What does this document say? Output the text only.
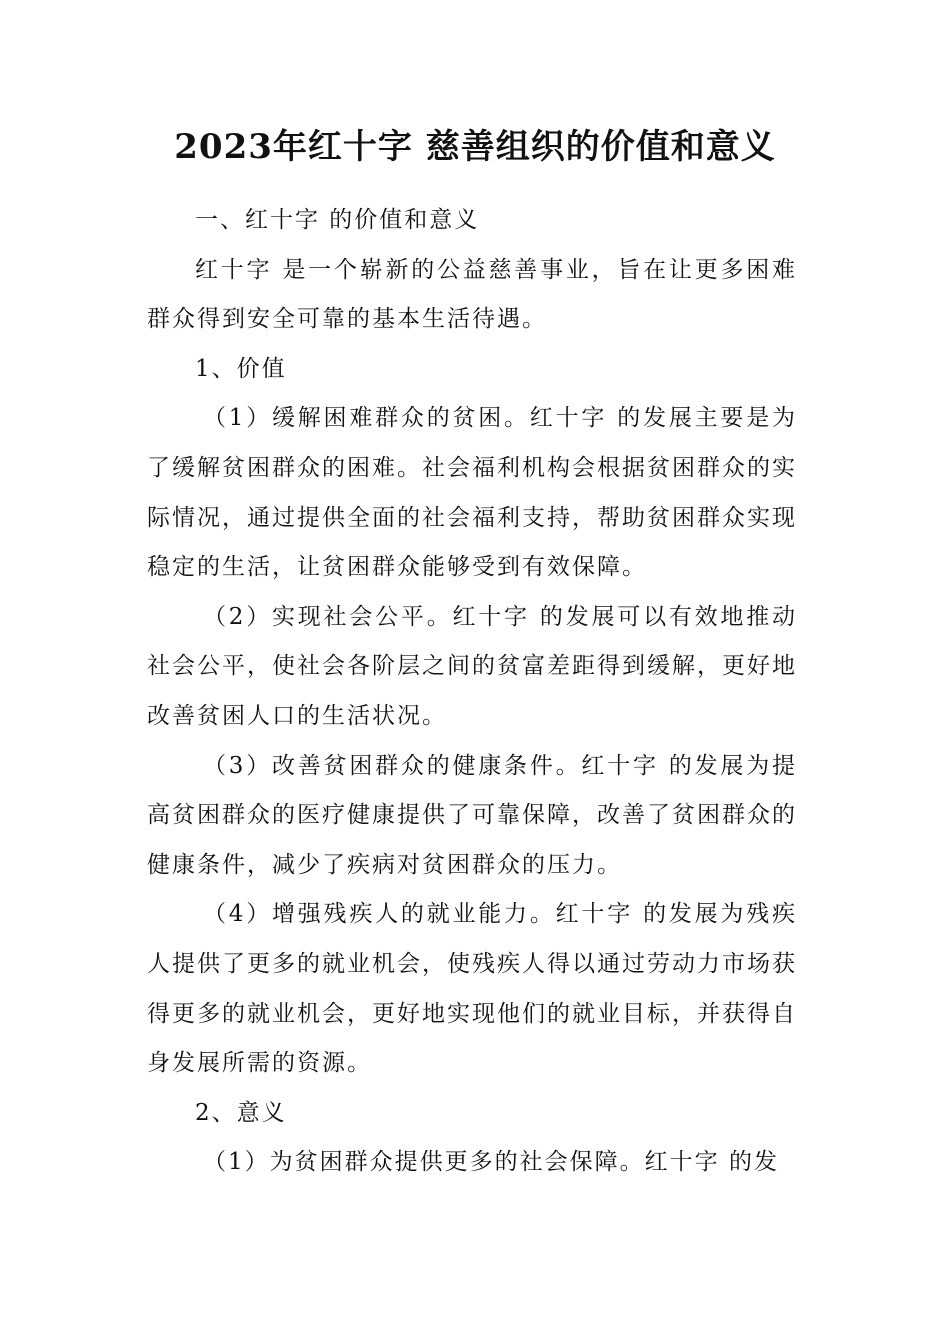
2023年红十字 慈善组织的价值和意义

一、红十字 的价值和意义

红十字 是一个崭新的公益慈善事业，旨在让更多困难群众得到安全可靠的基本生活待遇。

1、价值

（1）缓解困难群众的贫困。红十字 的发展主要是为了缓解贫困群众的困难。社会福利机构会根据贫困群众的实际情况，通过提供全面的社会福利支持，帮助贫困群众实现稳定的生活，让贫困群众能够受到有效保障。

（2）实现社会公平。红十字 的发展可以有效地推动社会公平，使社会各阶层之间的贫富差距得到缓解，更好地改善贫困人口的生活状况。

（3）改善贫困群众的健康条件。红十字 的发展为提高贫困群众的医疗健康提供了可靠保障，改善了贫困群众的健康条件，减少了疾病对贫困群众的压力。

（4）增强残疾人的就业能力。红十字 的发展为残疾人提供了更多的就业机会，使残疾人得以通过劳动力市场获得更多的就业机会，更好地实现他们的就业目标，并获得自身发展所需的资源。

2、意义

（1）为贫困群众提供更多的社会保障。红十字 的发
